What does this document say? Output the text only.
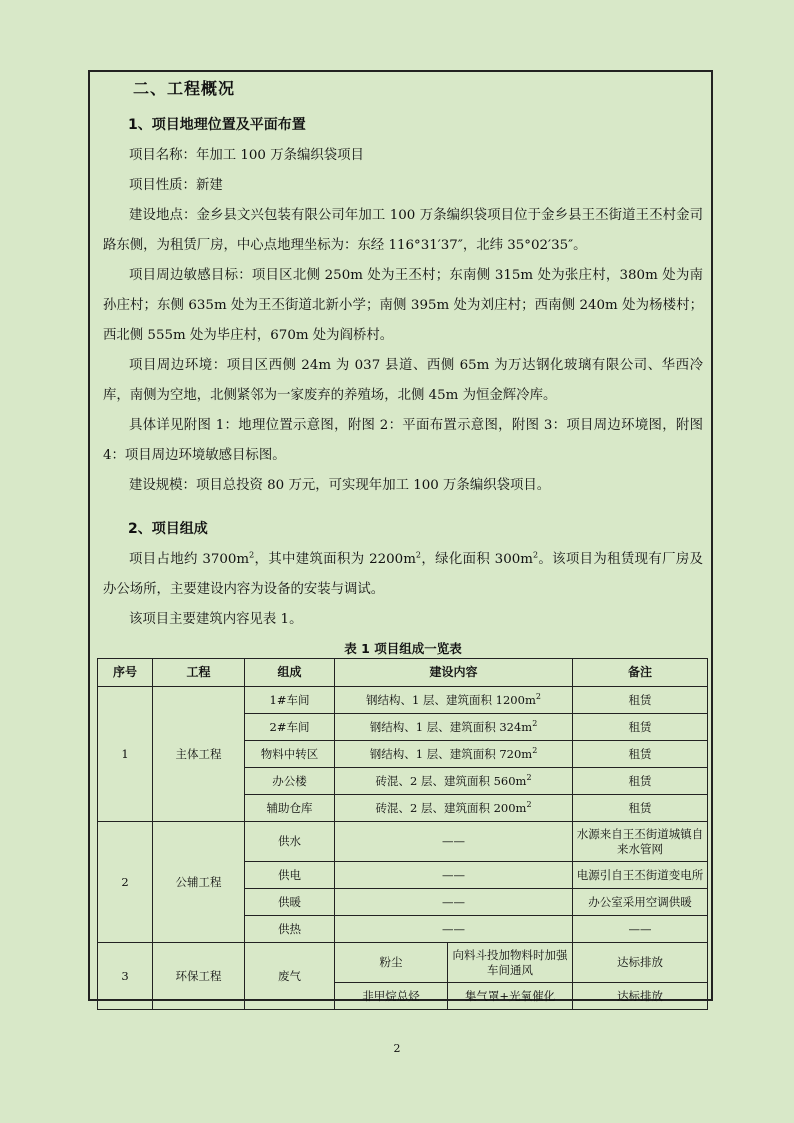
二、工程概况
1、项目地理位置及平面布置
项目名称：年加工 100 万条编织袋项目
项目性质：新建
建设地点：金乡县文兴包装有限公司年加工 100 万条编织袋项目位于金乡县王丕街道王丕村金司路东侧，为租赁厂房，中心点地理坐标为：东经 116°31′37″，北纬 35°02′35″。
项目周边敏感目标：项目区北侧 250m 处为王丕村；东南侧 315m 处为张庄村，380m 处为南孙庄村；东侧 635m 处为王丕街道北新小学；南侧 395m 处为刘庄村；西南侧 240m 处为杨楼村；西北侧 555m 处为毕庄村，670m 处为阎桥村。
项目周边环境：项目区西侧 24m 为 037 县道、西侧 65m 为万达钢化玻璃有限公司、华西冷库，南侧为空地，北侧紧邻为一家废弃的养殖场，北侧 45m 为恒金辉冷库。
具体详见附图 1：地理位置示意图，附图 2：平面布置示意图，附图 3：项目周边环境图，附图 4：项目周边环境敏感目标图。
建设规模：项目总投资 80 万元，可实现年加工 100 万条编织袋项目。
2、项目组成
项目占地约 $3700m^2$，其中建筑面积为 $2200m^2$，绿化面积 $300m^2$。该项目为租赁现有厂房及办公场所，主要建设内容为设备的安装与调试。
该项目主要建筑内容见表 1。
表 1 项目组成一览表
序号	工程	组成	建设内容		备注
1	主体工程	1#车间	钢结构、1 层、建筑面积 $1200m^2$		租赁
		2#车间	钢结构、1 层、建筑面积 $324m^2$		租赁
		物料中转区	钢结构、1 层、建筑面积 $720m^2$		租赁
		办公楼	砖混、2 层、建筑面积 $560m^2$		租赁
		辅助仓库	砖混、2 层、建筑面积 $200m^2$		租赁
2	公辅工程	供水	——		水源来自王丕街道城镇自来水管网
		供电	——		电源引自王丕街道变电所
		供暖	——		办公室采用空调供暖
		供热	——		——
3	环保工程	废气	粉尘	向料斗投加物料时加强车间通风	达标排放
			非甲烷总烃	集气罩+光氧催化	达标排放
2
